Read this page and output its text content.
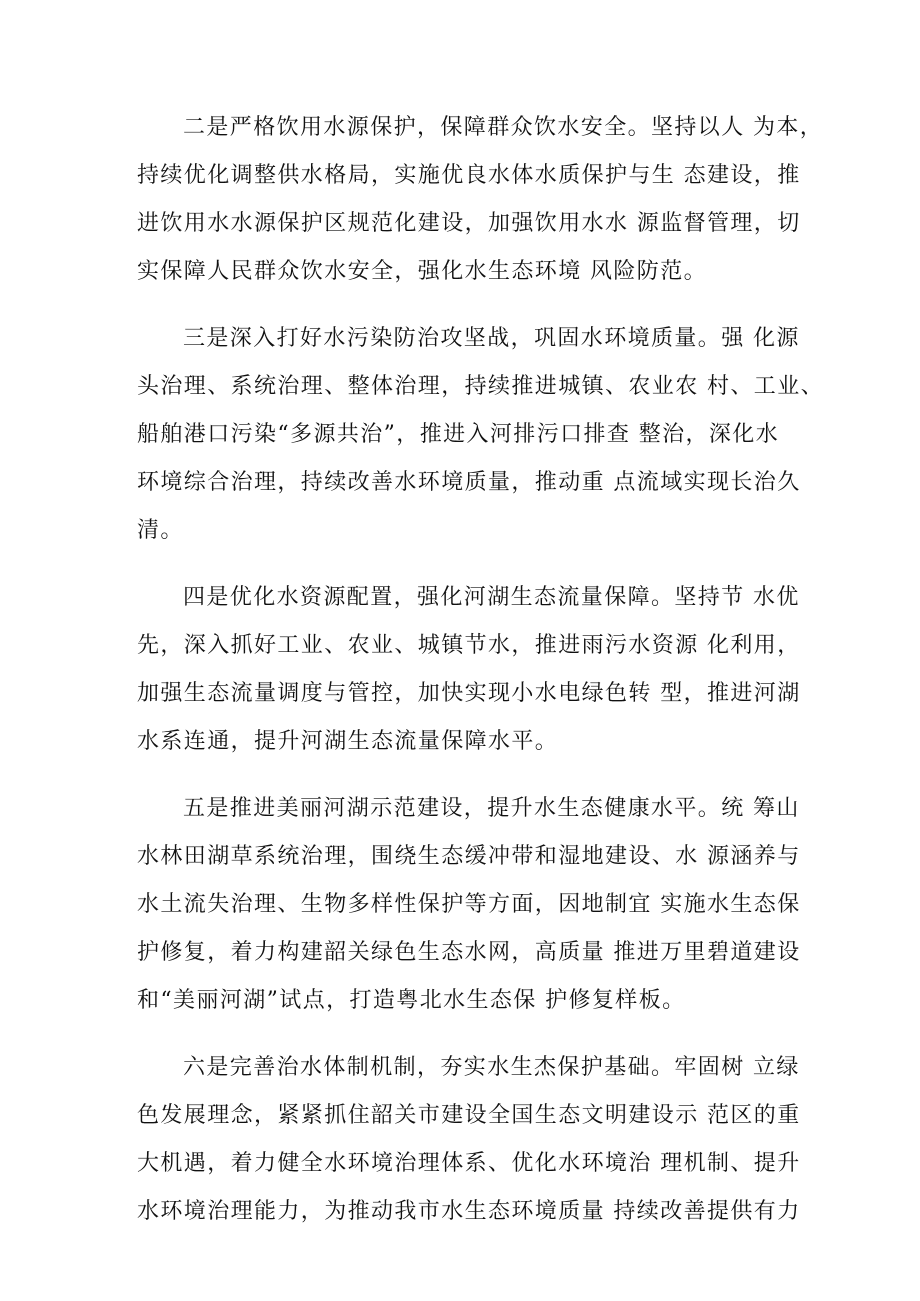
二是严格饮用水源保护，保障群众饮水安全。坚持以人 为本，
持续优化调整供水格局，实施优良水体水质保护与生 态建设，推
进饮用水水源保护区规范化建设，加强饮用水水 源监督管理，切
实保障人民群众饮水安全，强化水生态环境 风险防范。
三是深入打好水污染防治攻坚战，巩固水环境质量。强 化源
头治理、系统治理、整体治理，持续推进城镇、农业农 村、工业、
船舶港口污染“多源共治”，推进入河排污口排查 整治，深化水
环境综合治理，持续改善水环境质量，推动重 点流域实现长治久
清。
四是优化水资源配置，强化河湖生态流量保障。坚持节 水优
先，深入抓好工业、农业、城镇节水，推进雨污水资源 化利用，
加强生态流量调度与管控，加快实现小水电绿色转 型，推进河湖
水系连通，提升河湖生态流量保障水平。
五是推进美丽河湖示范建设，提升水生态健康水平。统 筹山
水林田湖草系统治理，围绕生态缓冲带和湿地建设、水 源涵养与
水土流失治理、生物多样性保护等方面，因地制宜 实施水生态保
护修复，着力构建韶关绿色生态水网，高质量 推进万里碧道建设
和“美丽河湖”试点，打造粤北水生态保 护修复样板。
六是完善治水体制机制，夯实水生杰保护基础。牢固树 立绿
色发展理念，紧紧抓住韶关市建设全国生态文明建设示 范区的重
大机遇，着力健全水环境治理体系、优化水环境治 理机制、提升
水环境治理能力，为推动我市水生态环境质量 持续改善提供有力
